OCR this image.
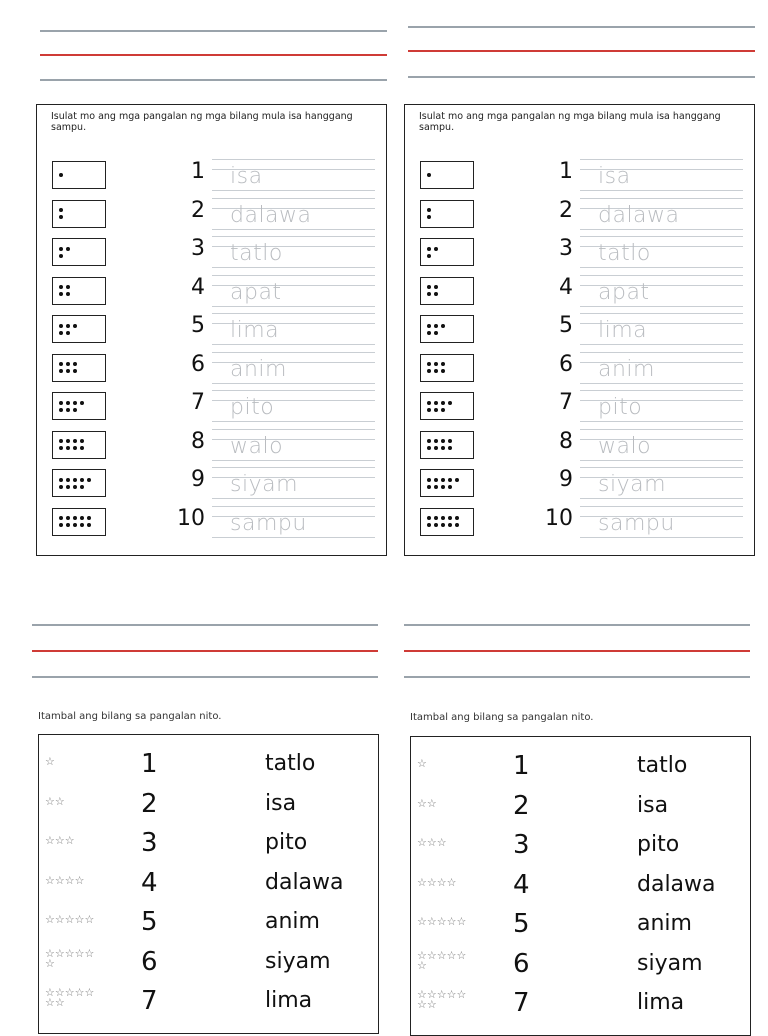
Isulat mo ang mga pangalan ng mga bilang mula isa hanggang sampu.
1 isa
2 dalawa
3 tatlo
4 apat
5 lima
6 anim
7 pito
8 walo
9 siyam
10 sampu
Isulat mo ang mga pangalan ng mga bilang mula isa hanggang sampu.
1 isa
2 dalawa
3 tatlo
4 apat
5 lima
6 anim
7 pito
8 walo
9 siyam
10 sampu
Itambal ang bilang sa pangalan nito.
☆	1	tatlo
☆☆	2	isa
☆☆☆	3	pito
☆☆☆☆	4	dalawa
☆☆☆☆☆	5	anim
☆☆☆☆☆
☆	6	siyam
☆☆☆☆☆
☆☆	7	lima
Itambal ang bilang sa pangalan nito.
☆	1	tatlo
☆☆	2	isa
☆☆☆	3	pito
☆☆☆☆	4	dalawa
☆☆☆☆☆	5	anim
☆☆☆☆☆
☆	6	siyam
☆☆☆☆☆
☆☆	7	lima
